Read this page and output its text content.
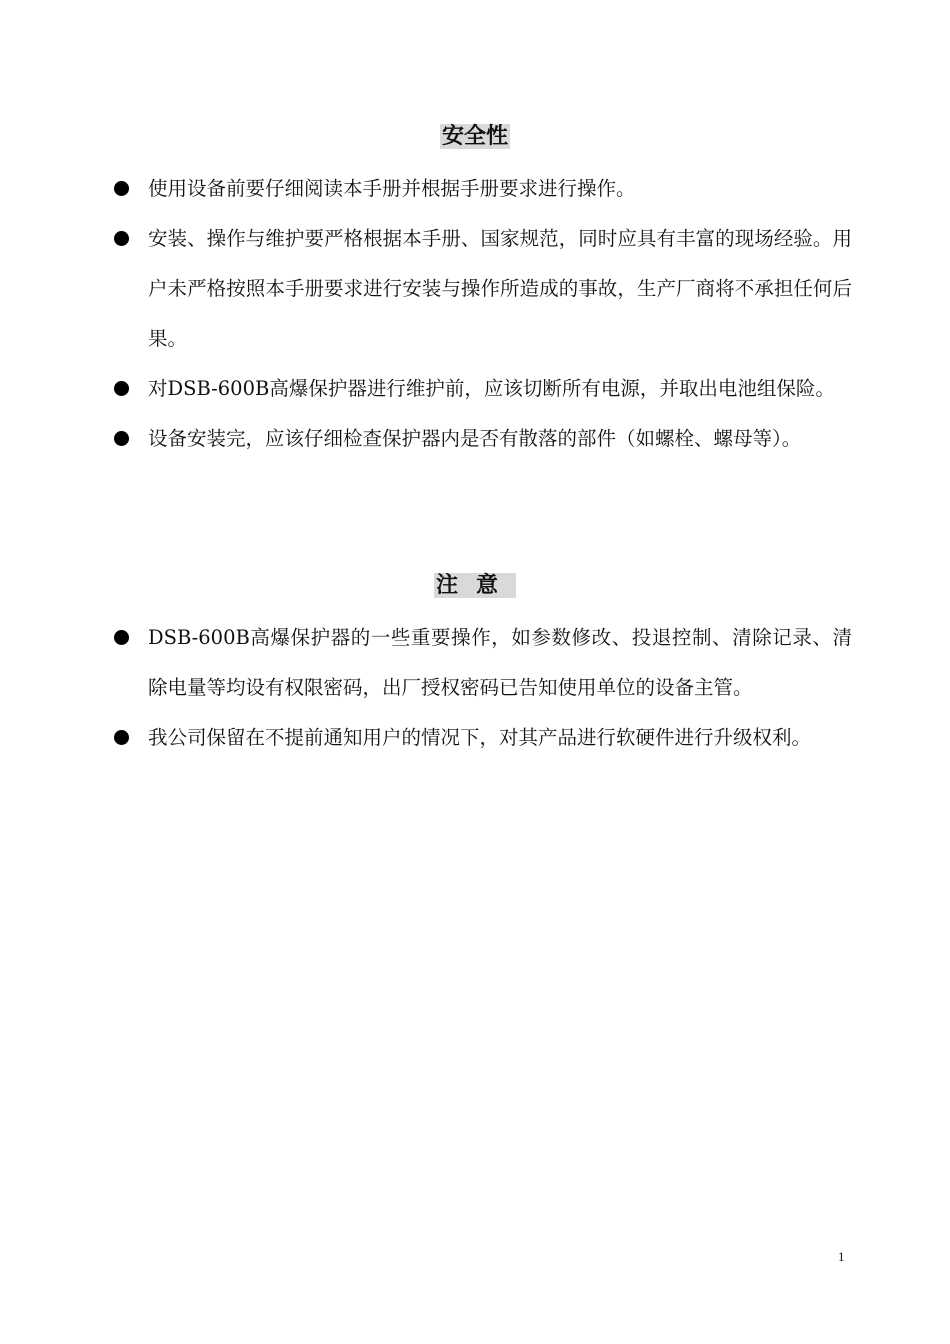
安全性
使用设备前要仔细阅读本手册并根据手册要求进行操作。
安装、操作与维护要严格根据本手册、国家规范，同时应具有丰富的现场经验。用户未严格按照本手册要求进行安装与操作所造成的事故，生产厂商将不承担任何后果。
对DSB-600B高爆保护器进行维护前，应该切断所有电源，并取出电池组保险。
设备安装完，应该仔细检查保护器内是否有散落的部件（如螺栓、螺母等）。
注意
DSB-600B高爆保护器的一些重要操作，如参数修改、投退控制、清除记录、清除电量等均设有权限密码，出厂授权密码已告知使用单位的设备主管。
我公司保留在不提前通知用户的情况下，对其产品进行软硬件进行升级权利。
1
